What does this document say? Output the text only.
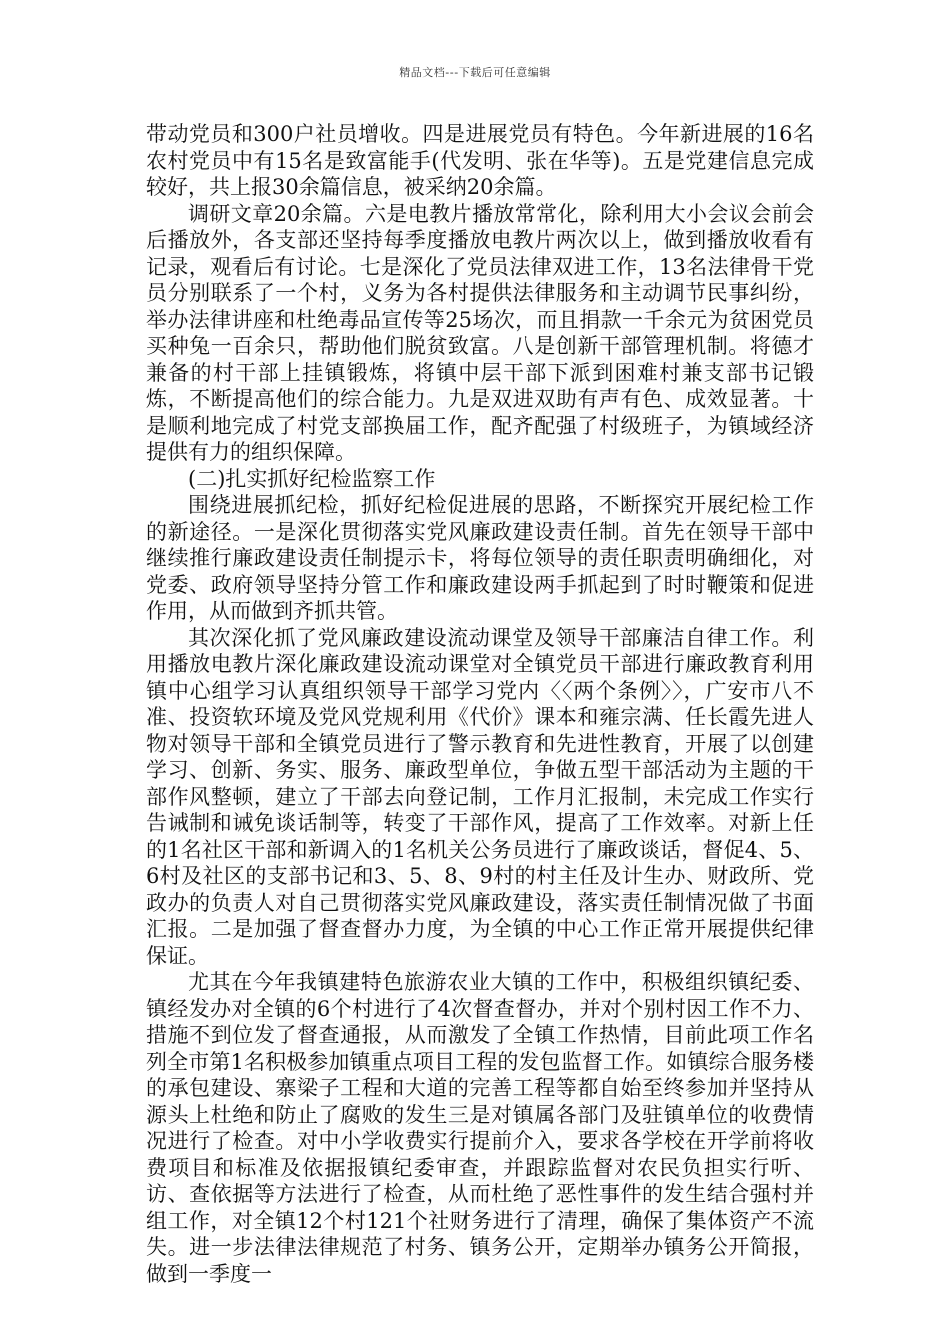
精品文档---下载后可任意编辑

带动党员和300户社员增收。四是进展党员有特色。今年新进展的16名农村党员中有15名是致富能手(代发明、张在华等)。五是党建信息完成较好，共上报30余篇信息，被采纳20余篇。

调研文章20余篇。六是电教片播放常常化，除利用大小会议会前会后播放外，各支部还坚持每季度播放电教片两次以上，做到播放收看有记录，观看后有讨论。七是深化了党员法律双进工作，13名法律骨干党员分别联系了一个村，义务为各村提供法律服务和主动调节民事纠纷，举办法律讲座和杜绝毒品宣传等25场次，而且捐款一千余元为贫困党员买种兔一百余只，帮助他们脱贫致富。八是创新干部管理机制。将德才兼备的村干部上挂镇锻炼，将镇中层干部下派到困难村兼支部书记锻炼，不断提高他们的综合能力。九是双进双助有声有色、成效显著。十是顺利地完成了村党支部换届工作，配齐配强了村级班子，为镇域经济提供有力的组织保障。

(二)扎实抓好纪检监察工作

围绕进展抓纪检，抓好纪检促进展的思路，不断探究开展纪检工作的新途径。一是深化贯彻落实党风廉政建设责任制。首先在领导干部中继续推行廉政建设责任制提示卡，将每位领导的责任职责明确细化，对党委、政府领导坚持分管工作和廉政建设两手抓起到了时时鞭策和促进作用，从而做到齐抓共管。

其次深化抓了党风廉政建设流动课堂及领导干部廉洁自律工作。利用播放电教片深化廉政建设流动课堂对全镇党员干部进行廉政教育利用镇中心组学习认真组织领导干部学习党内〈〈两个条例〉〉，广安市八不准、投资软环境及党风党规利用《代价》课本和雍宗满、任长霞先进人物对领导干部和全镇党员进行了警示教育和先进性教育，开展了以创建学习、创新、务实、服务、廉政型单位，争做五型干部活动为主题的干部作风整顿，建立了干部去向登记制，工作月汇报制，未完成工作实行告诫制和诫免谈话制等，转变了干部作风，提高了工作效率。对新上任的1名社区干部和新调入的1名机关公务员进行了廉政谈话，督促4、5、6村及社区的支部书记和3、5、8、9村的村主任及计生办、财政所、党政办的负责人对自己贯彻落实党风廉政建设，落实责任制情况做了书面汇报。二是加强了督查督办力度，为全镇的中心工作正常开展提供纪律保证。

尤其在今年我镇建特色旅游农业大镇的工作中，积极组织镇纪委、镇经发办对全镇的6个村进行了4次督查督办，并对个别村因工作不力、措施不到位发了督查通报，从而激发了全镇工作热情，目前此项工作名列全市第1名积极参加镇重点项目工程的发包监督工作。如镇综合服务楼的承包建设、寨梁子工程和大道的完善工程等都自始至终参加并坚持从源头上杜绝和防止了腐败的发生三是对镇属各部门及驻镇单位的收费情况进行了检查。对中小学收费实行提前介入，要求各学校在开学前将收费项目和标准及依据报镇纪委审查，并跟踪监督对农民负担实行听、访、查依据等方法进行了检查，从而杜绝了恶性事件的发生结合强村并组工作，对全镇12个村121个社财务进行了清理，确保了集体资产不流失。进一步法律法律规范了村务、镇务公开，定期举办镇务公开简报，做到一季度一
